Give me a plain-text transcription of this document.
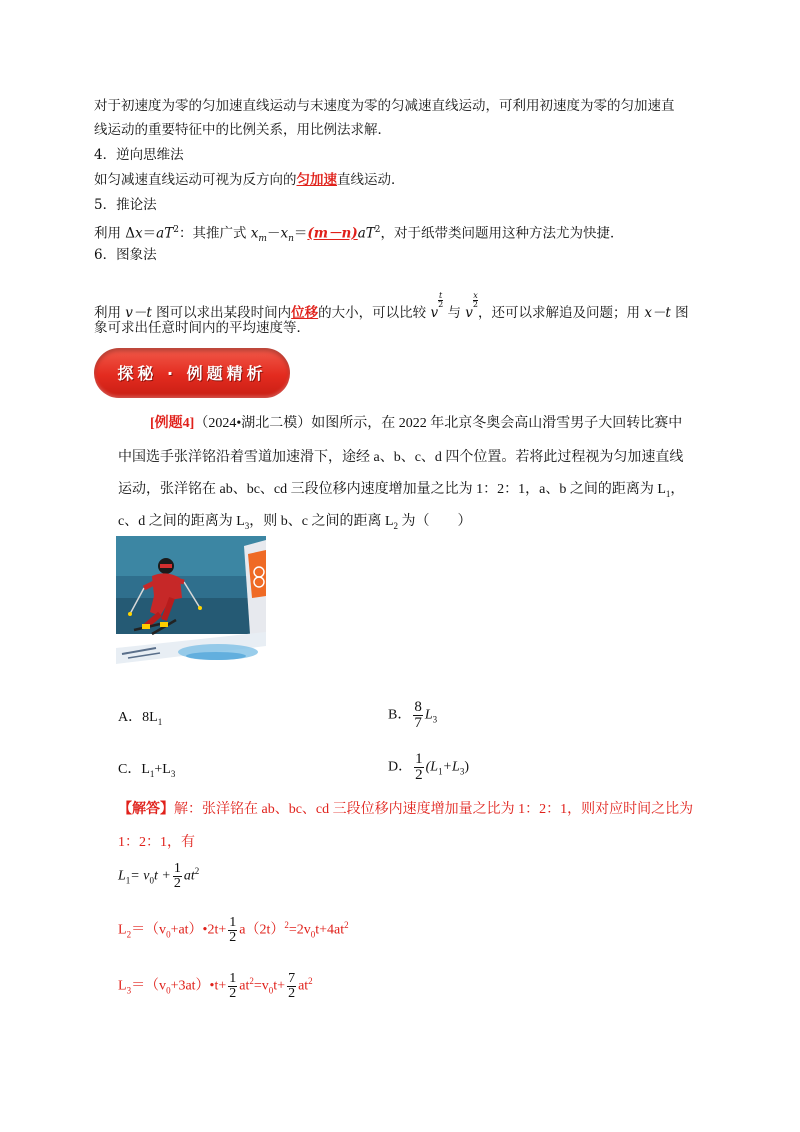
对于初速度为零的匀加速直线运动与末速度为零的匀减速直线运动，可利用初速度为零的匀加速直
线运动的重要特征中的比例关系，用比例法求解．
4．逆向思维法
如匀减速直线运动可视为反方向的匀加速直线运动．
5．推论法
利用 $\Delta x=aT^2$：其推广式 $x_m-x_n=(m-n)aT^2$，对于纸带类问题用这种方法尤为快捷．
6．图象法
利用 v－t 图可以求出某段时间内位移的大小，可以比较 v
$\frac{t}{2}$
与 v
$\frac{x}{2}$
，还可以求解追及问题；用 x－t 图
象可求出任意时间内的平均速度等．
探秘 · 例题精析
[例题4]（2024•湖北二模）如图所示，在 2022 年北京冬奥会高山滑雪男子大回转比赛中
中国选手张洋铭沿着雪道加速滑下，途经 a、b、c、d 四个位置。若将此过程视为匀加速直线
运动，张洋铭在 ab、bc、cd 三段位移内速度增加量之比为 1：2：1，a、b 之间的距离为 $L_1$，
c、d 之间的距离为 $L_3$，则 b、c 之间的距离 $L_2$ 为（　　）
A．$8L_1$	B． $\frac{8}{7} L_3$
C．$L_1+L_3$	D． $\frac{1}{2} (L_1+L_3)$
【解答】解：张洋铭在 ab、bc、cd 三段位移内速度增加量之比为 1：2：1，则对应时间之比为
1：2：1，有
$L_1= v_0t + \frac{1}{2} at^2$
$L_2=(v_0+at)•2t+ \frac{1}{2} a(2t)^2=2v_0t+4at^2$
$L_3=(v_0+3at)•t+ \frac{1}{2} at^2=v_0t+ \frac{7}{2} at^2$
